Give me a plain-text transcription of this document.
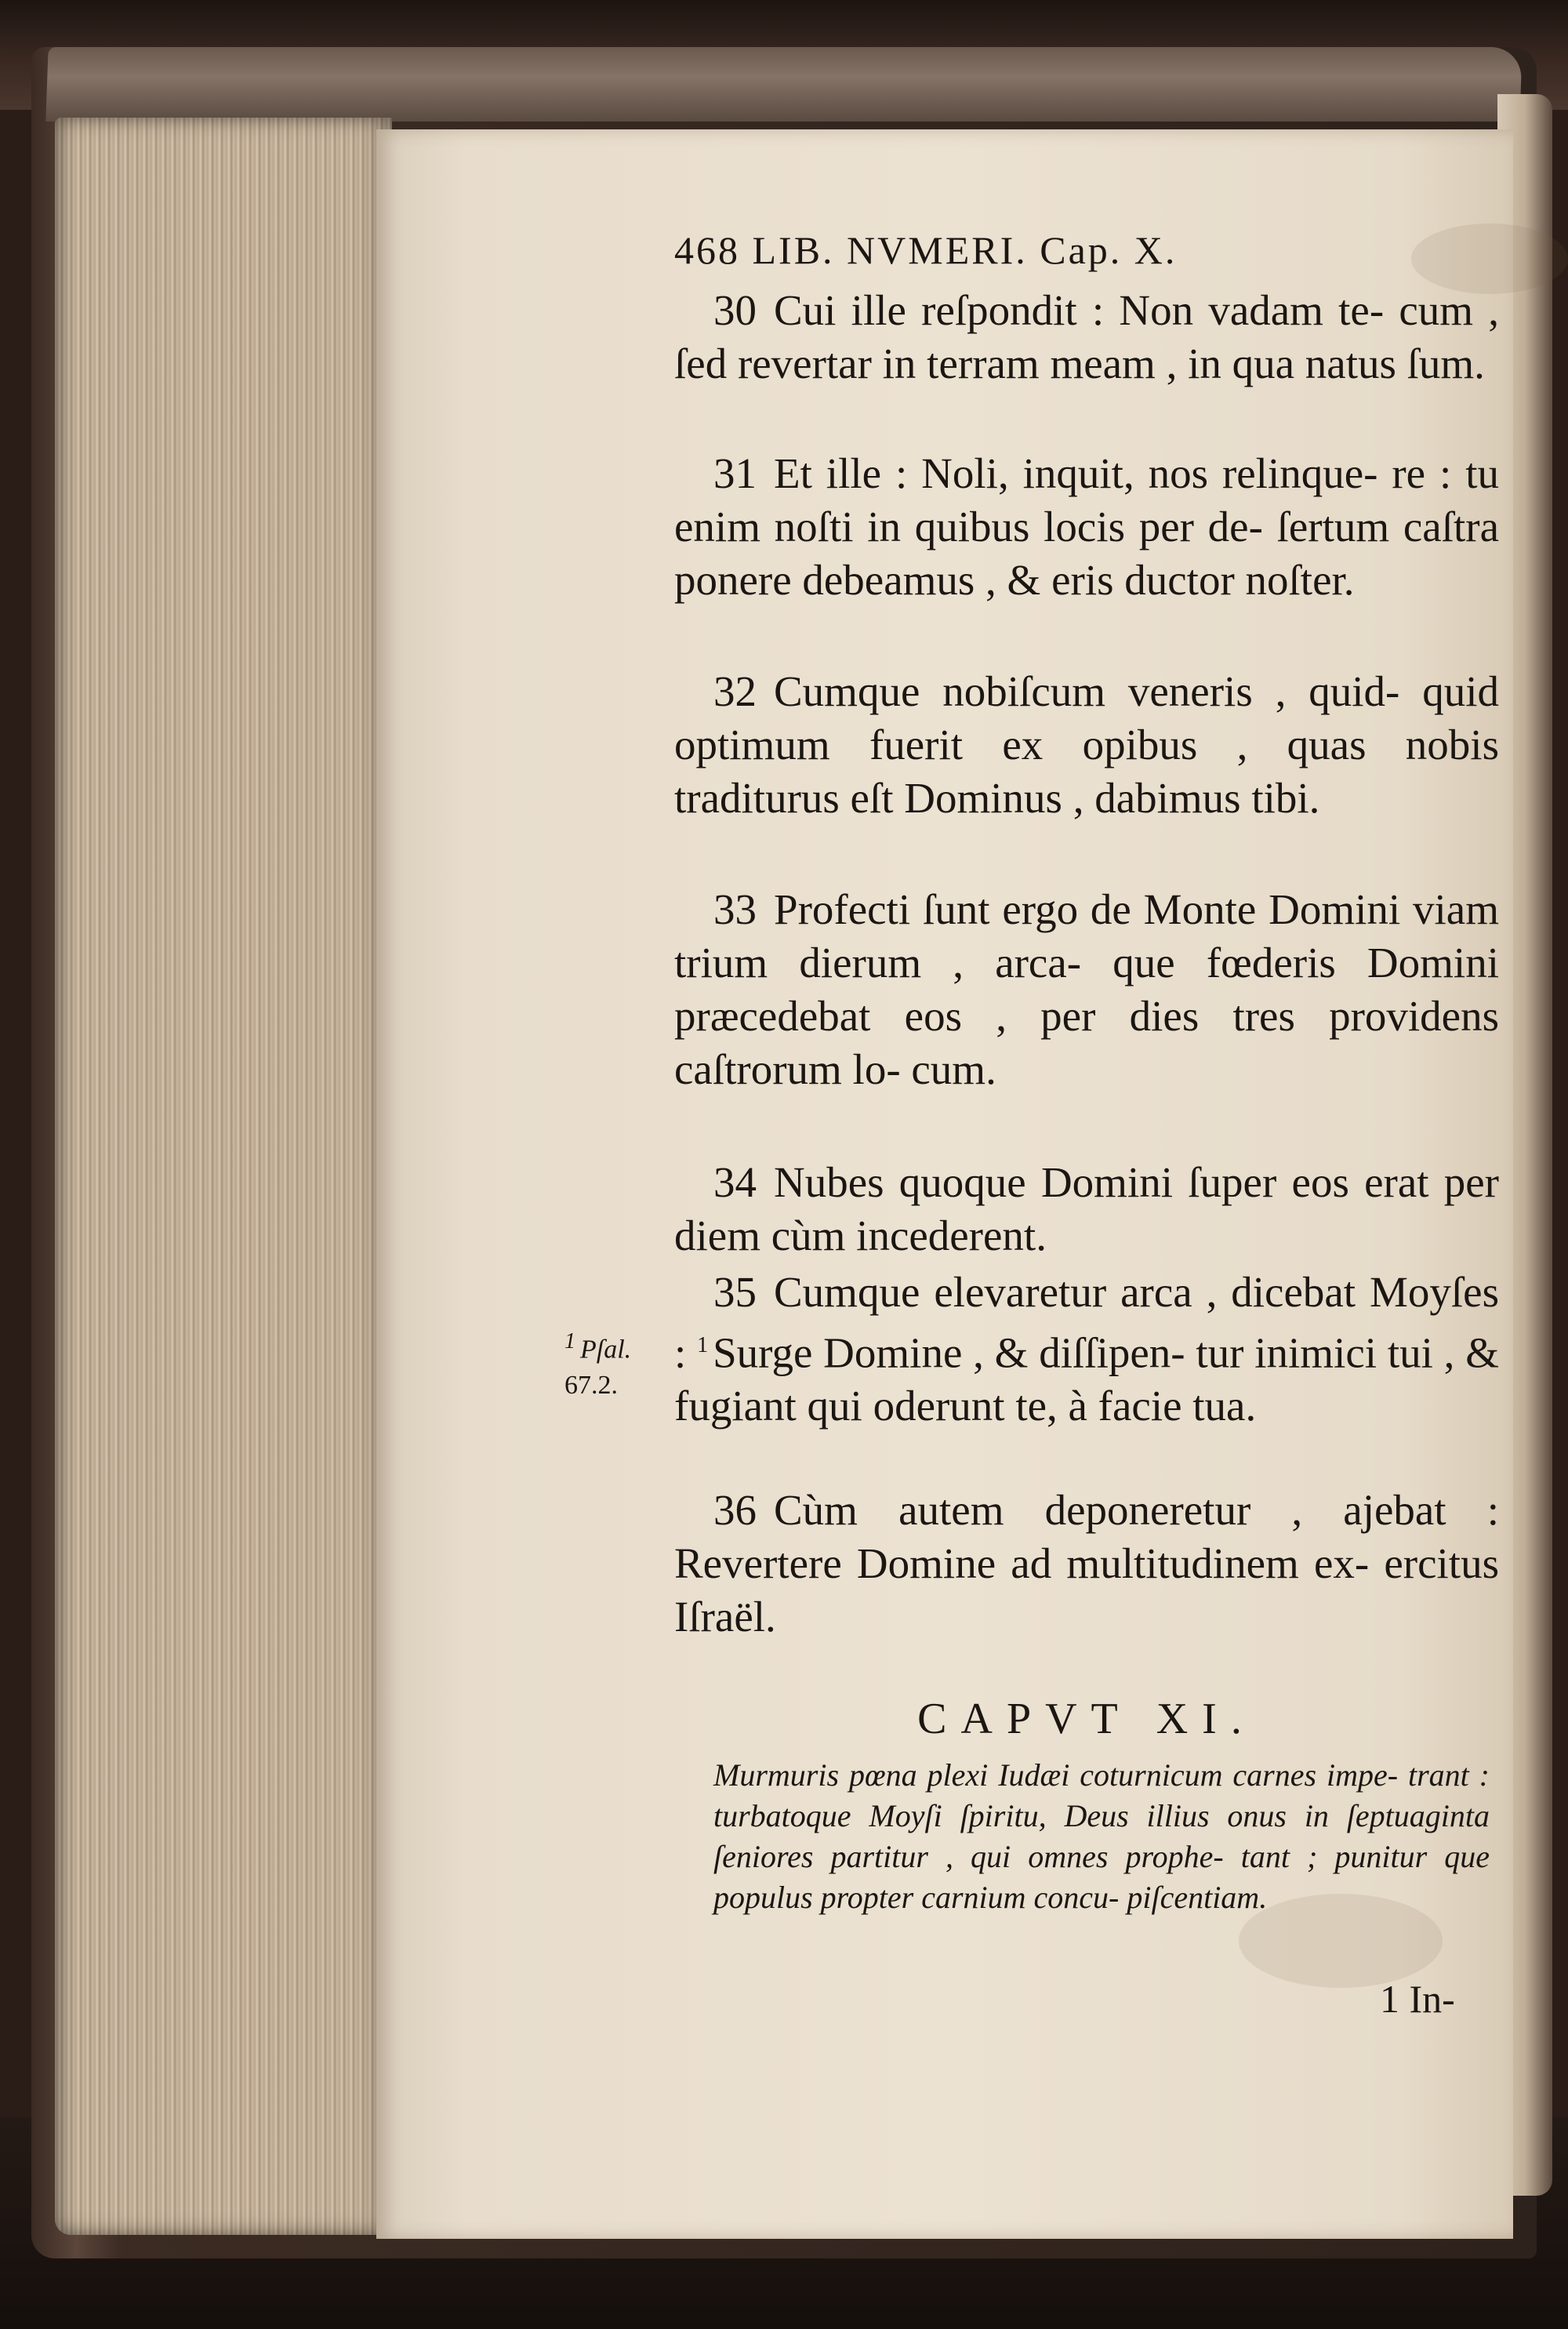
468 LIB. NVMERI. Cap. X.
30 Cui ille reſpondit : Non vadam te- cum , ſed revertar in terram meam , in qua natus ſum.
31 Et ille : Noli, inquit, nos relinque- re : tu enim noſti in quibus locis per de- ſertum caſtra ponere debeamus , & eris ductor noſter.
32 Cumque nobiſcum veneris , quid- quid optimum fuerit ex opibus , quas nobis traditurus eſt Dominus , dabimus tibi.
33 Profecti ſunt ergo de Monte Domini viam trium dierum , arca- que fœderis Domini præcedebat eos , per dies tres providens caſtrorum lo- cum.
34 Nubes quoque Domini ſuper eos erat per diem cùm incederent.
35 Cumque elevaretur arca , dicebat Moyſes : $^1$ Surge Domine , & diſſipen- tur inimici tui , & fugiant qui oderunt te, à facie tua.
36 Cùm autem deponeretur , ajebat : Revertere Domine ad multitudinem ex- ercitus Iſraël.
$^1$ Pſal.
67.2.
CAPVT XI.
Murmuris pœna plexi Iudæi coturnicum carnes impe- trant : turbatoque Moyſi ſpiritu, Deus illius onus in ſeptuaginta ſeniores partitur , qui omnes prophe- tant ; punitur que populus propter carnium concu- piſcentiam.
1 In-
